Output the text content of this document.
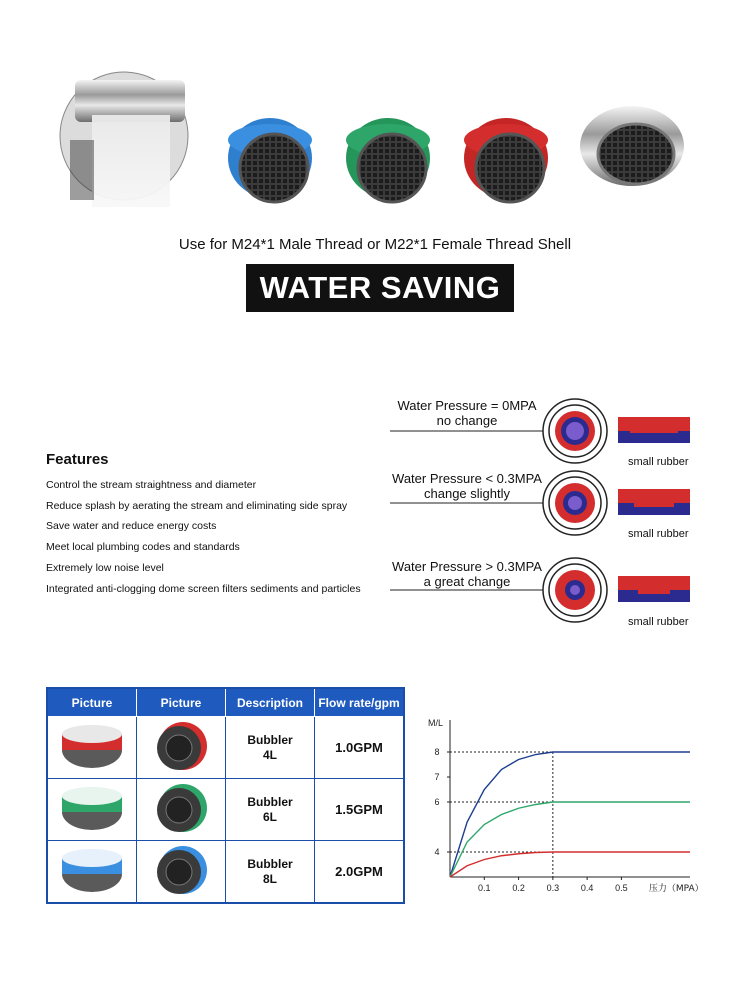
Use for M24*1 Male Thread or M22*1 Female Thread Shell
WATER SAVING
Features
Control the stream straightness and diameter
Reduce splash by aerating the stream and eliminating side spray
Save water and reduce energy costs
Meet local plumbing codes and standards
Extremely low noise level
Integrated anti-clogging dome screen filters sediments and particles
Water Pressure = 0MPA
no change
Water Pressure < 0.3MPA
change slightly
Water Pressure > 0.3MPA
a great change
small rubber
small rubber
small rubber
Picture	Picture	Description	Flow rate/gpm

Bubbler
4L	1.0GPM

Bubbler
6L	1.5GPM

Bubbler
8L	2.0GPM
M/L
压力（MPA）
0.1 0.2 0.3 0.4 0.5
4
6
7
8
